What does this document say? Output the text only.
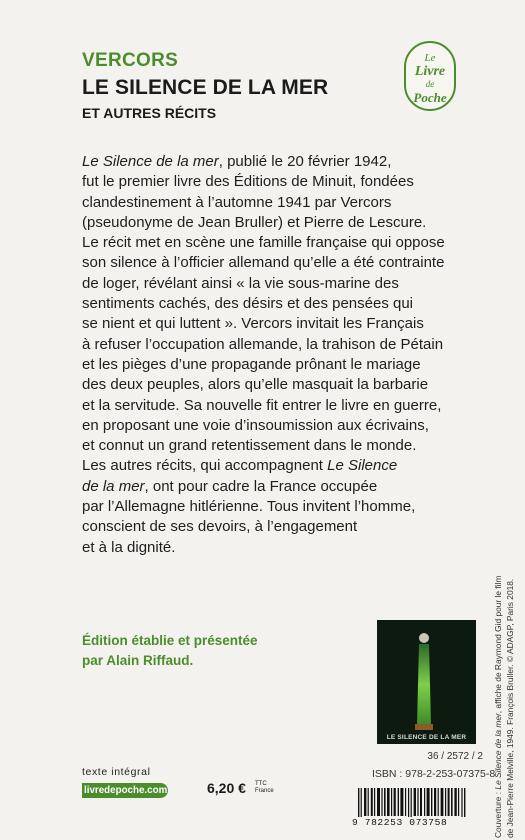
VERCORS
LE SILENCE DE LA MER
ET AUTRES RÉCITS
Le
Livre
de
Poche
Le Silence de la mer, publié le 20 février 1942,
fut le premier livre des Éditions de Minuit, fondées
clandestinement à l’automne 1941 par Vercors
(pseudonyme de Jean Bruller) et Pierre de Lescure.
Le récit met en scène une famille française qui oppose
son silence à l’officier allemand qu’elle a été contrainte
de loger, révélant ainsi « la vie sous-marine des
sentiments cachés, des désirs et des pensées qui
se nient et qui luttent ». Vercors invitait les Français
à refuser l’occupation allemande, la trahison de Pétain
et les pièges d’une propagande prônant le mariage
des deux peuples, alors qu’elle masquait la barbarie
et la servitude. Sa nouvelle fit entrer le livre en guerre,
en proposant une voie d’insoumission aux écrivains,
et connut un grand retentissement dans le monde.
Les autres récits, qui accompagnent Le Silence
de la mer, ont pour cadre la France occupée
par l’Allemagne hitlérienne. Tous invitent l’homme,
conscient de ses devoirs, à l’engagement
et à la dignité.
Édition établie et présentée
par Alain Riffaud.
LE SILENCE DE LA MER
Couverture : Le Silence de la mer, affiche de Raymond Gid pour le film de Jean-Pierre Melville, 1949. François Bruller. © ADAGP, Paris 2018.
36 / 2572 / 2
ISBN : 978-2-253-07375-8
texte intégral
livredepoche.com	6,20 € TTC
France
9 782253 073758
